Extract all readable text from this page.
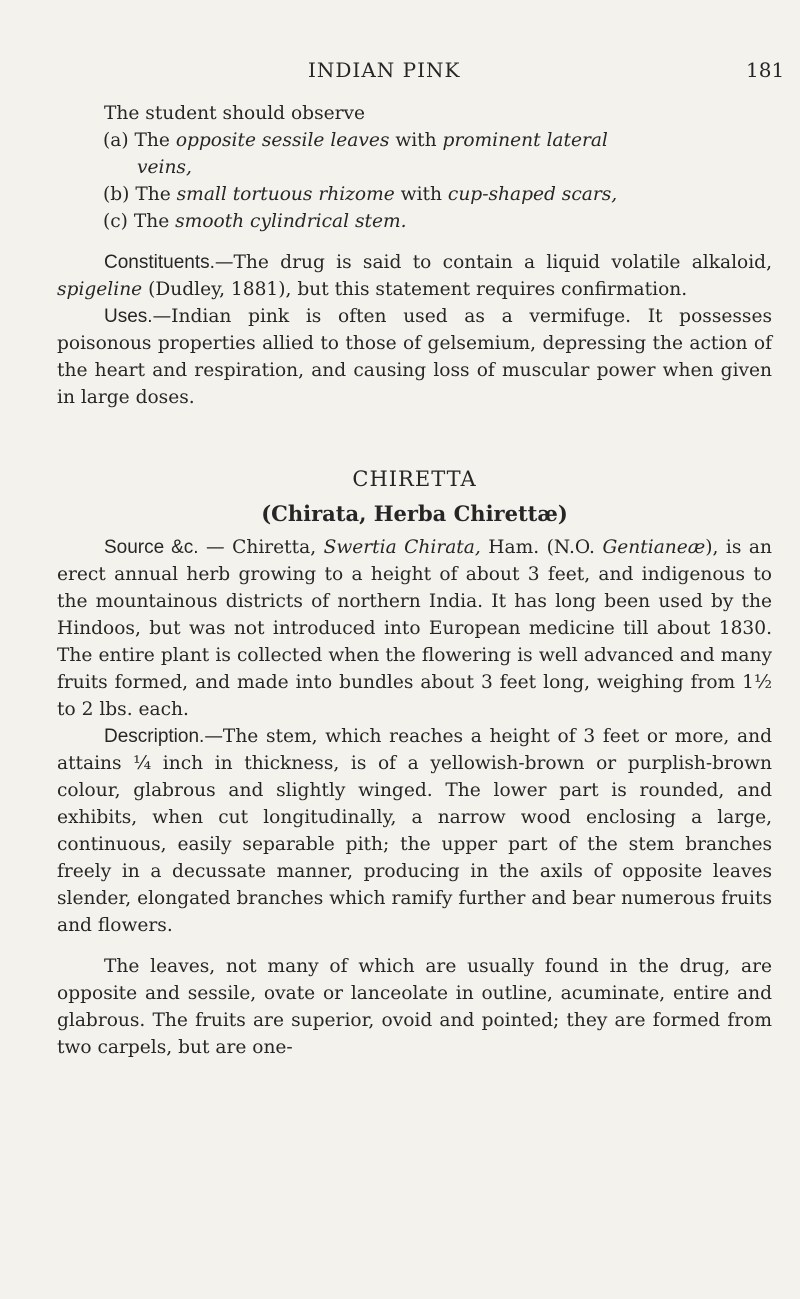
INDIAN PINK	181

The student should observe

(a) The opposite sessile leaves with prominent lateral
veins,

(b) The small tortuous rhizome with cup-shaped scars,

(c) The smooth cylindrical stem.

Constituents.—The drug is said to contain a liquid volatile alkaloid, spigeline (Dudley, 1881), but this statement requires confirmation.

Uses.—Indian pink is often used as a vermifuge. It possesses poisonous properties allied to those of gelsemium, depressing the action of the heart and respiration, and causing loss of muscular power when given in large doses.

CHIRETTA
(Chirata, Herba Chirettæ)

Source &c. — Chiretta, Swertia Chirata, Ham. (N.O. Gentianeæ), is an erect annual herb growing to a height of about 3 feet, and indigenous to the mountainous districts of northern India. It has long been used by the Hindoos, but was not introduced into European medicine till about 1830. The entire plant is collected when the flowering is well advanced and many fruits formed, and made into bundles about 3 feet long, weighing from 1½ to 2 lbs. each.

Description.—The stem, which reaches a height of 3 feet or more, and attains ¼ inch in thickness, is of a yellowish-brown or purplish-brown colour, glabrous and slightly winged. The lower part is rounded, and exhibits, when cut longitudinally, a narrow wood enclosing a large, continuous, easily separable pith; the upper part of the stem branches freely in a decussate manner, producing in the axils of opposite leaves slender, elongated branches which ramify further and bear numerous fruits and flowers.

The leaves, not many of which are usually found in the drug, are opposite and sessile, ovate or lanceolate in outline, acuminate, entire and glabrous. The fruits are superior, ovoid and pointed; they are formed from two carpels, but are one-
